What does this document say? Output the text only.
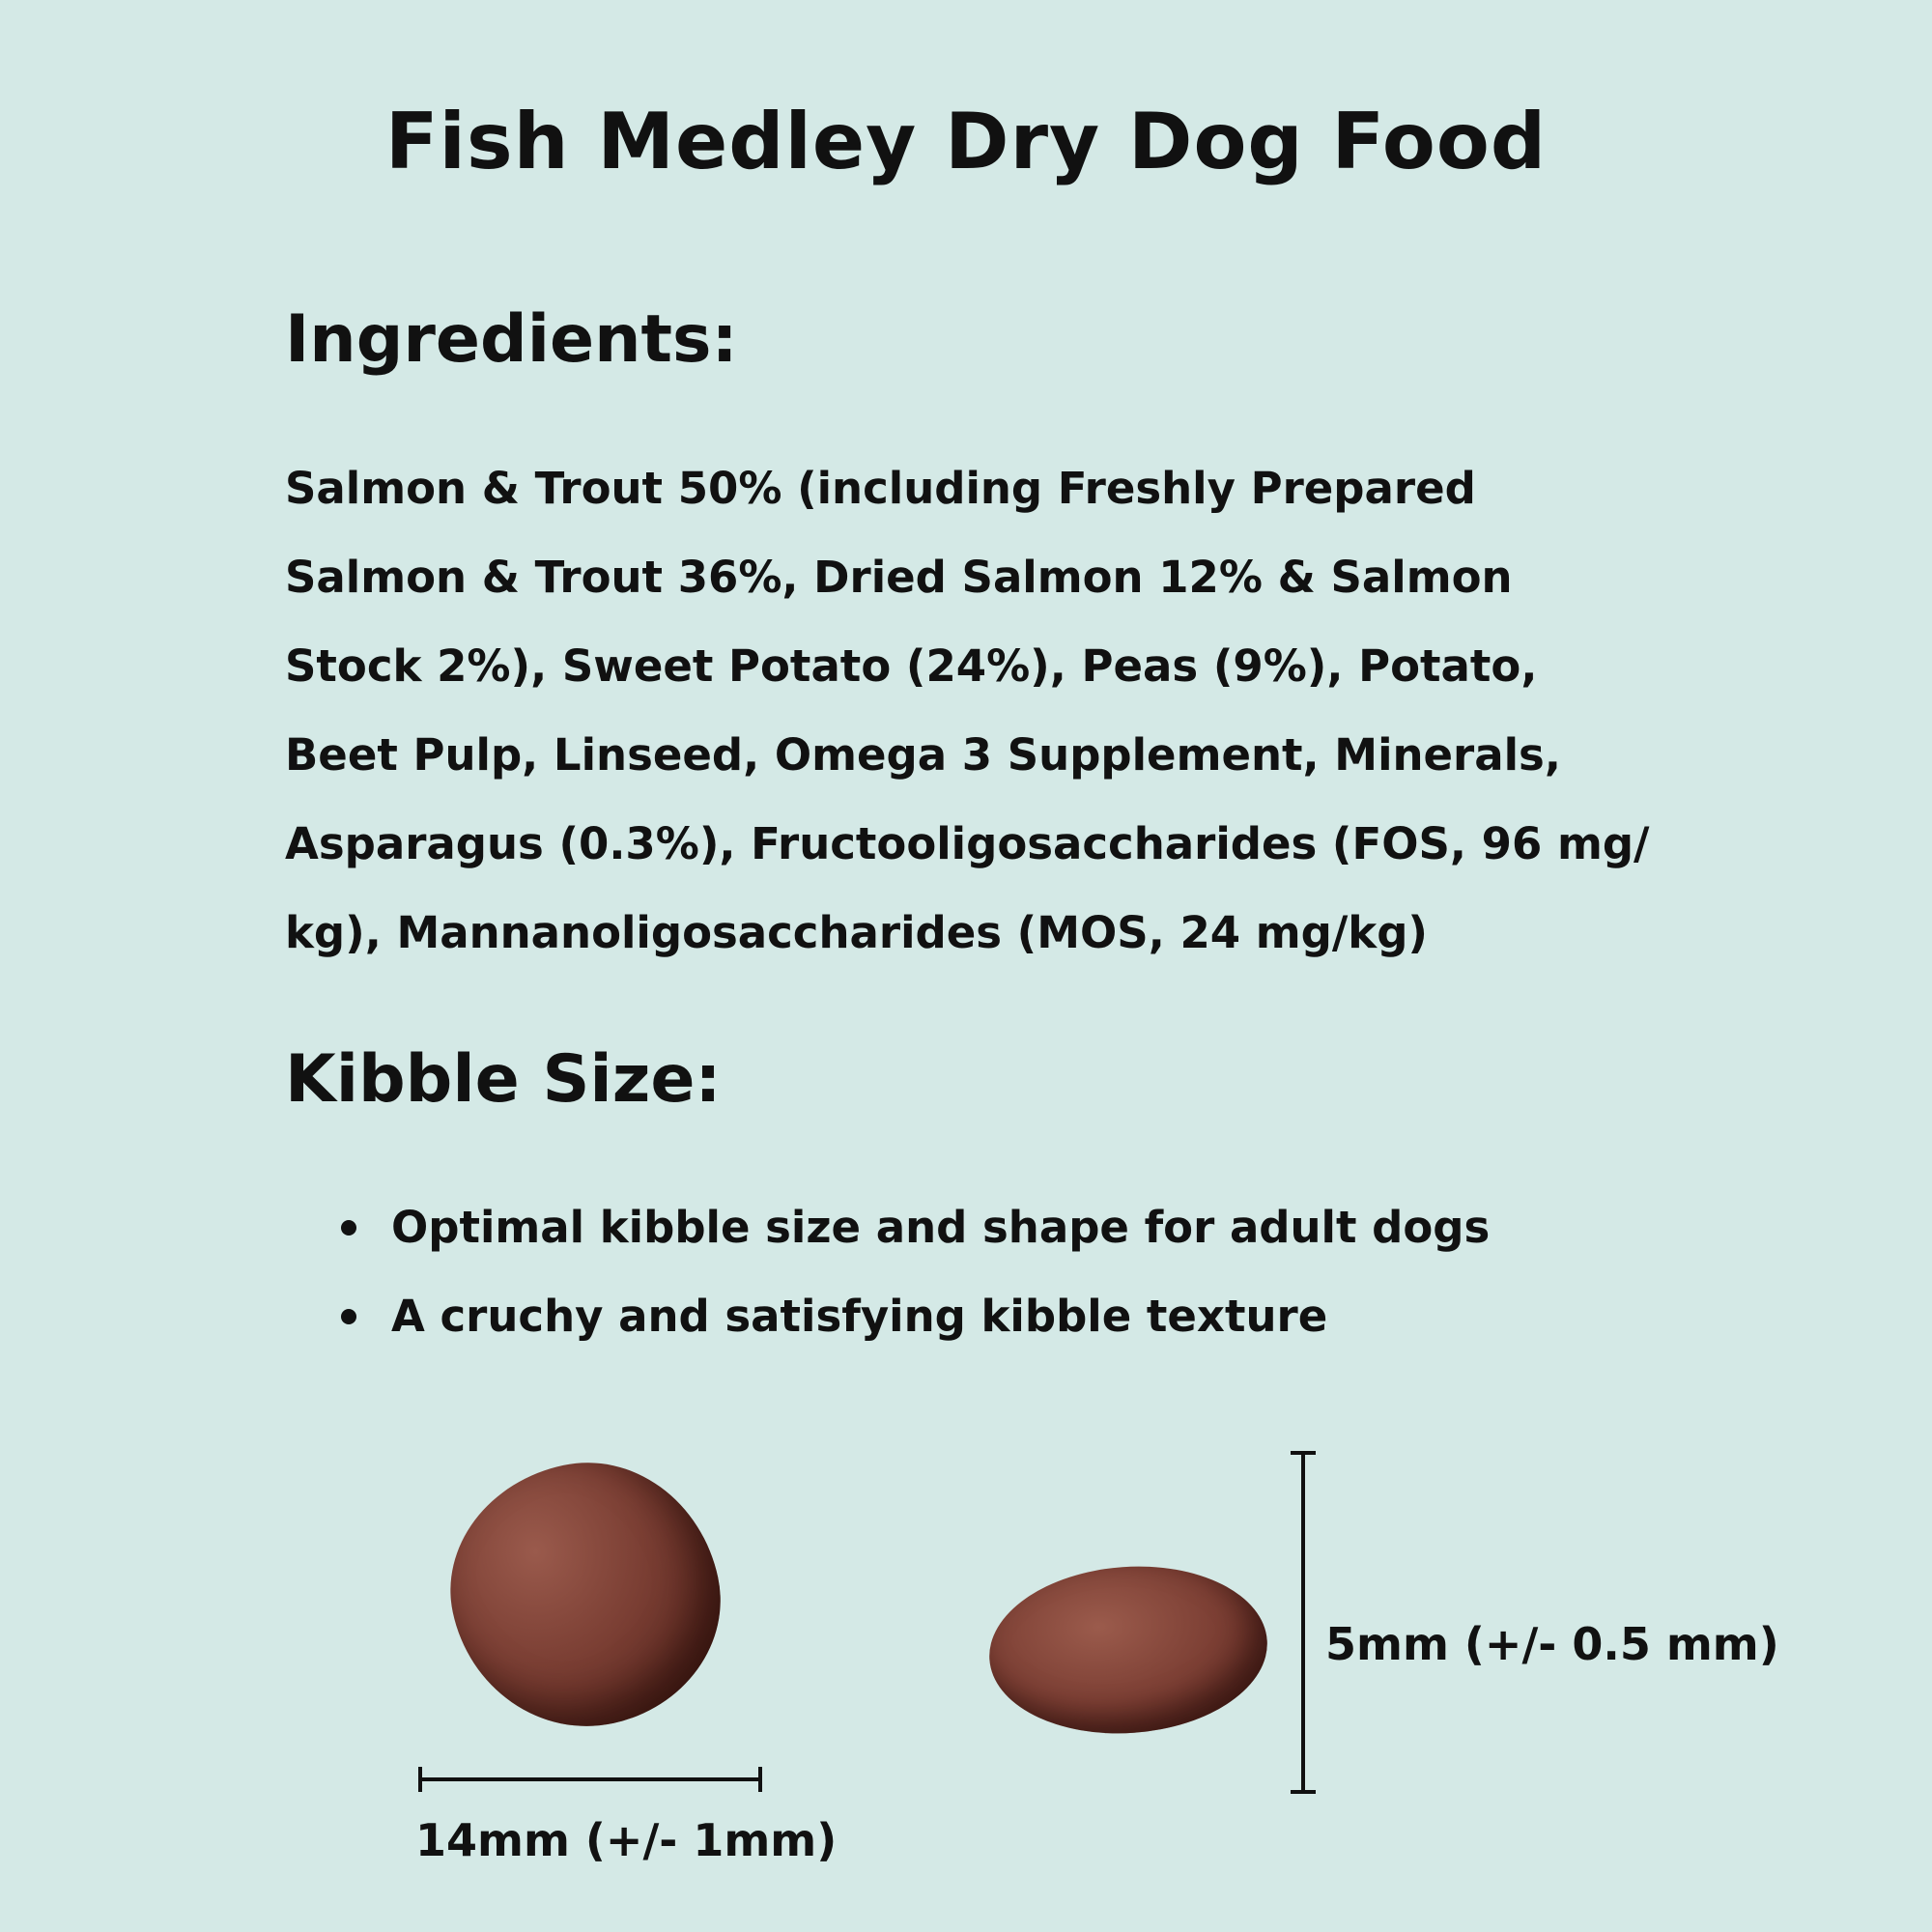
Fish Medley Dry Dog Food
Ingredients:

Salmon & Trout 50% (including Freshly Prepared Salmon & Trout 36%, Dried Salmon 12% & Salmon Stock 2%), Sweet Potato (24%), Peas (9%), Potato, Beet Pulp, Linseed, Omega 3 Supplement, Minerals, Asparagus (0.3%), Fructooligosaccharides (FOS, 96 mg/ kg), Mannanoligosaccharides (MOS, 24 mg/kg)

Kibble Size:
Optimal kibble size and shape for adult dogs
A cruchy and satisfying kibble texture

14mm (+/- 1mm)

5mm (+/- 0.5 mm)
